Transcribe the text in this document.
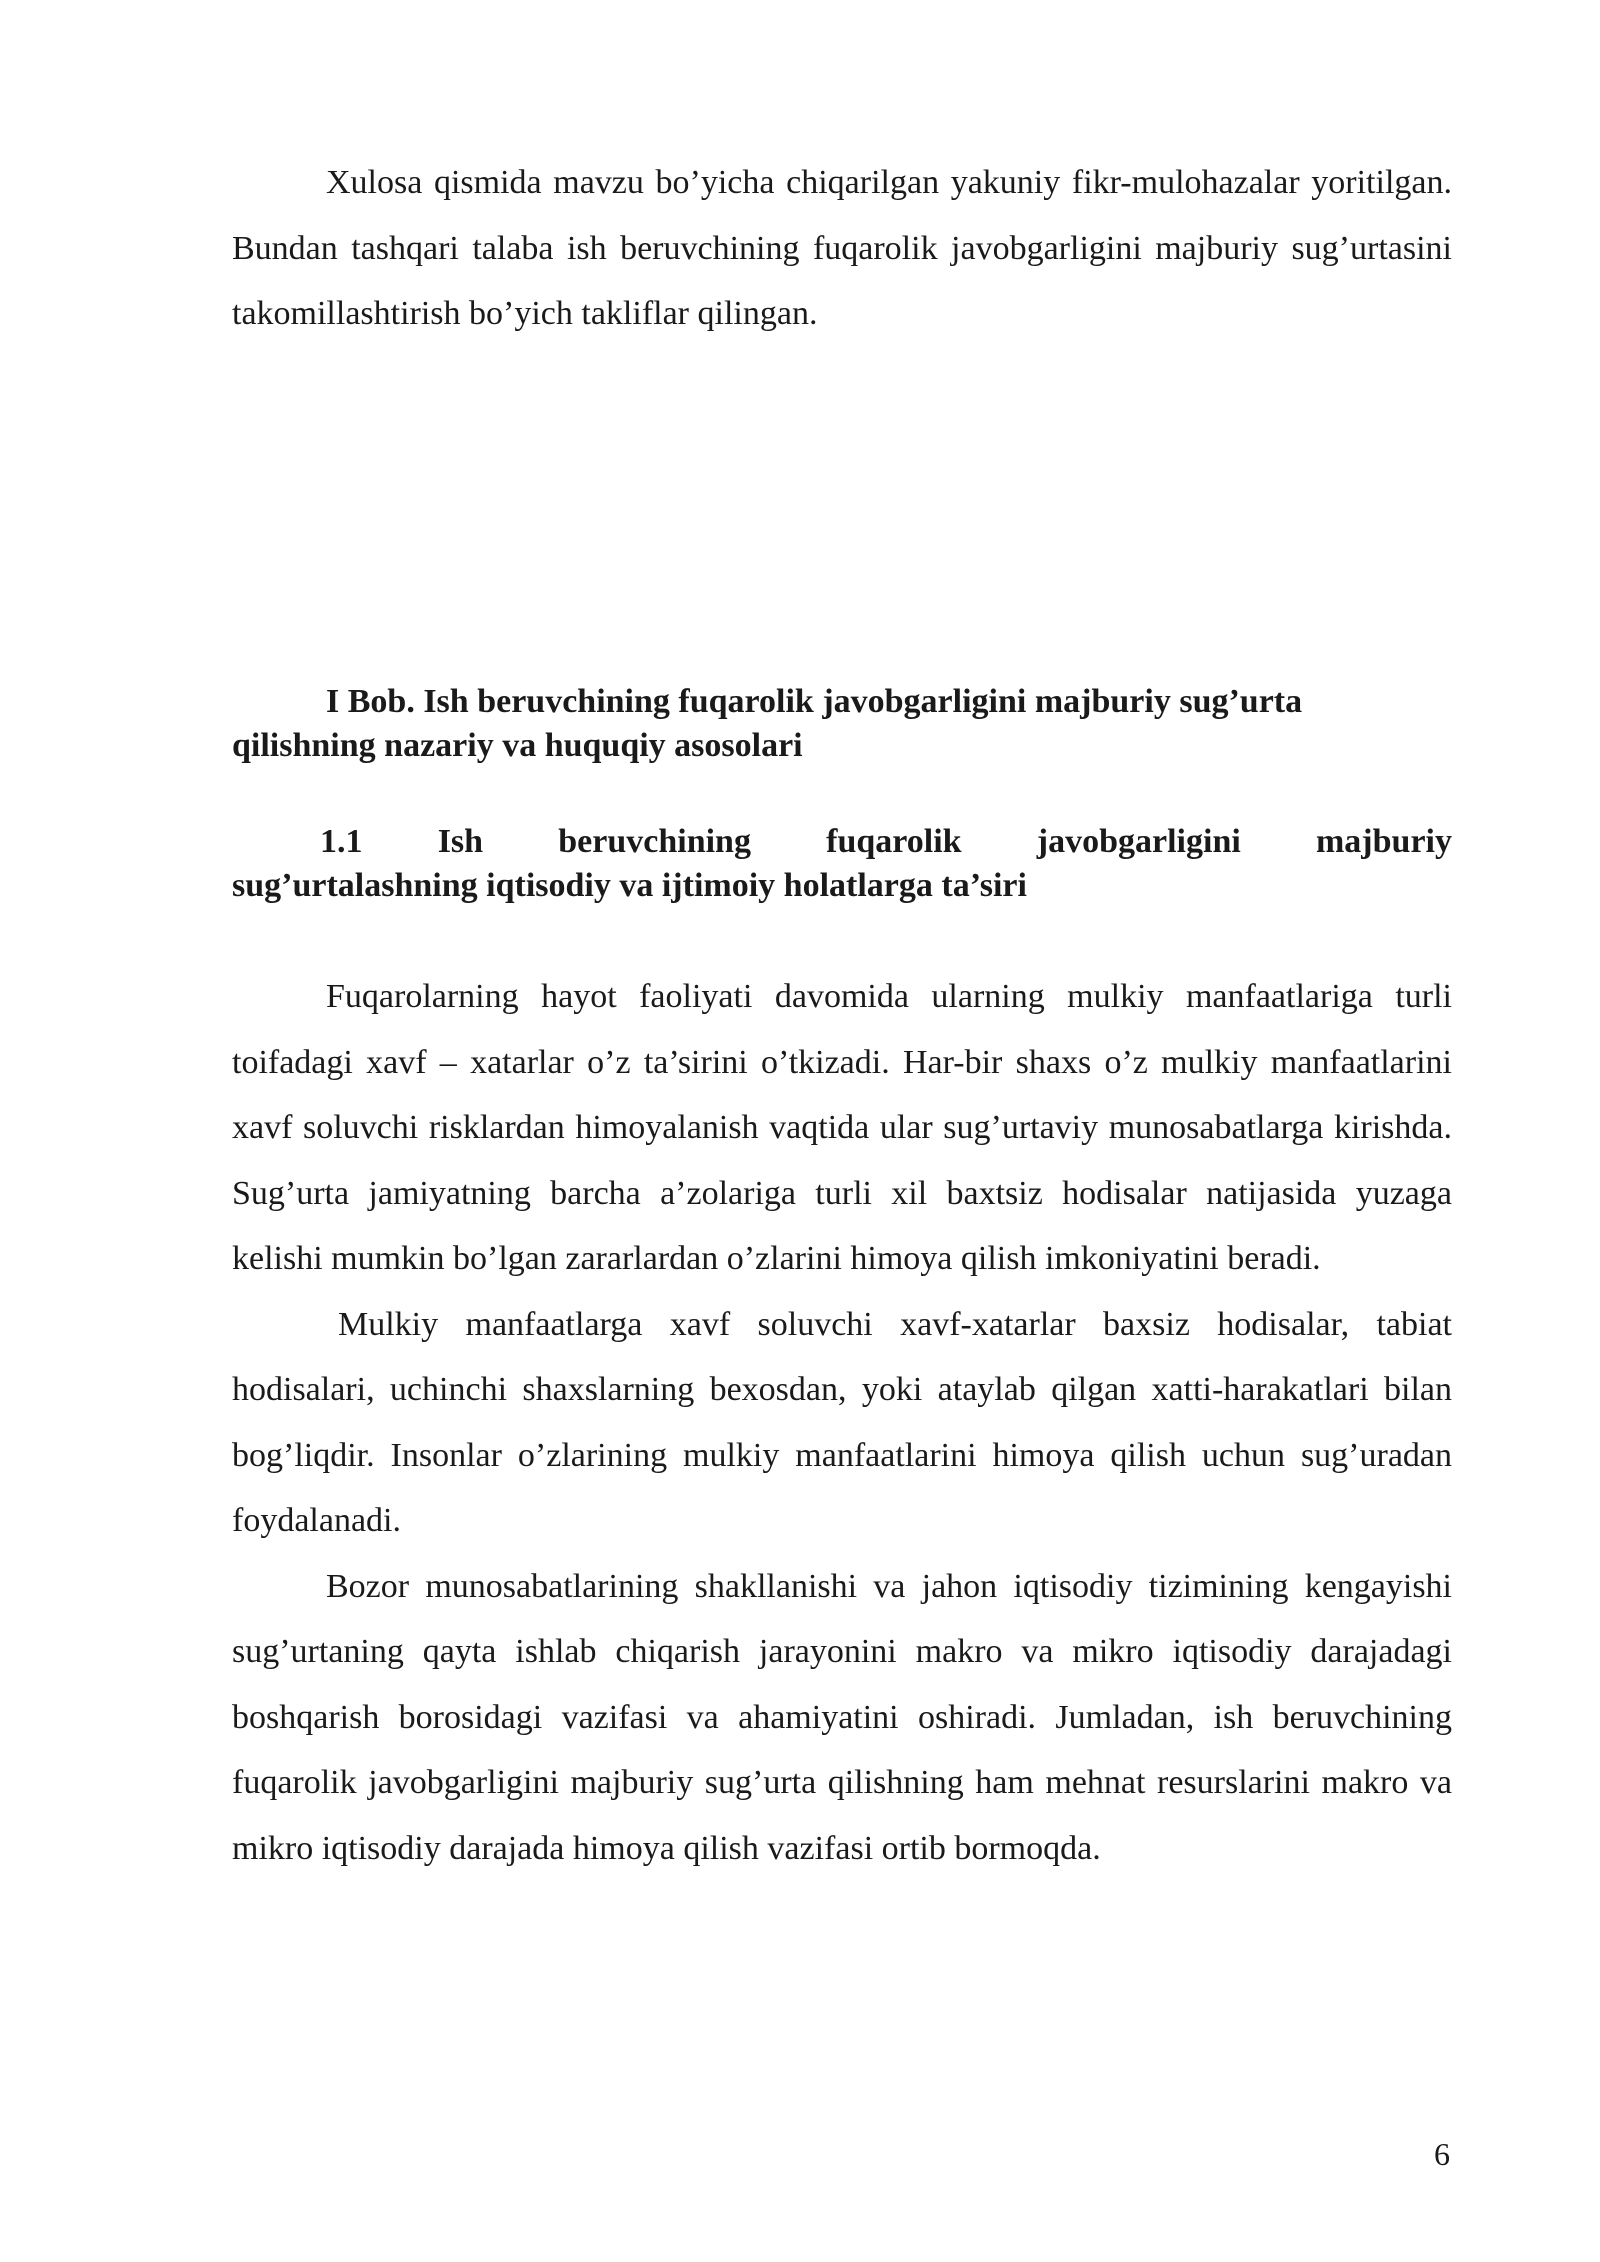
Xulosa qismida mavzu bo’yicha chiqarilgan yakuniy fikr-mulohazalar yoritilgan. Bundan tashqari talaba ish beruvchining fuqarolik javobgarligini majburiy sug’urtasini takomillashtirish bo’yich takliflar qilingan.

I Bob. Ish beruvchining fuqarolik javobgarligini majburiy sug’urta qilishning nazariy va huquqiy asosolari

1.1 Ish beruvchining fuqarolik javobgarligini majburiy
sug’urtalashning iqtisodiy va ijtimoiy holatlarga ta’siri

Fuqarolarning hayot faoliyati davomida ularning mulkiy manfaatlariga turli toifadagi xavf – xatarlar o’z ta’sirini o’tkizadi. Har-bir shaxs o’z mulkiy manfaatlarini xavf soluvchi risklardan himoyalanish vaqtida ular sug’urtaviy munosabatlarga kirishda. Sug’urta jamiyatning barcha a’zolariga turli xil baxtsiz hodisalar natijasida yuzaga kelishi mumkin bo’lgan zararlardan o’zlarini himoya qilish imkoniyatini beradi.

Mulkiy manfaatlarga xavf soluvchi xavf-xatarlar baxsiz hodisalar, tabiat hodisalari, uchinchi shaxslarning bexosdan, yoki ataylab qilgan xatti-harakatlari bilan bog’liqdir. Insonlar o’zlarining mulkiy manfaatlarini himoya qilish uchun sug’uradan foydalanadi.

Bozor munosabatlarining shakllanishi va jahon iqtisodiy tizimining kengayishi sug’urtaning qayta ishlab chiqarish jarayonini makro va mikro iqtisodiy darajadagi boshqarish borosidagi vazifasi va ahamiyatini oshiradi. Jumladan, ish beruvchining fuqarolik javobgarligini majburiy sug’urta qilishning ham mehnat resurslarini makro va mikro iqtisodiy darajada himoya qilish vazifasi ortib bormoqda.

6
